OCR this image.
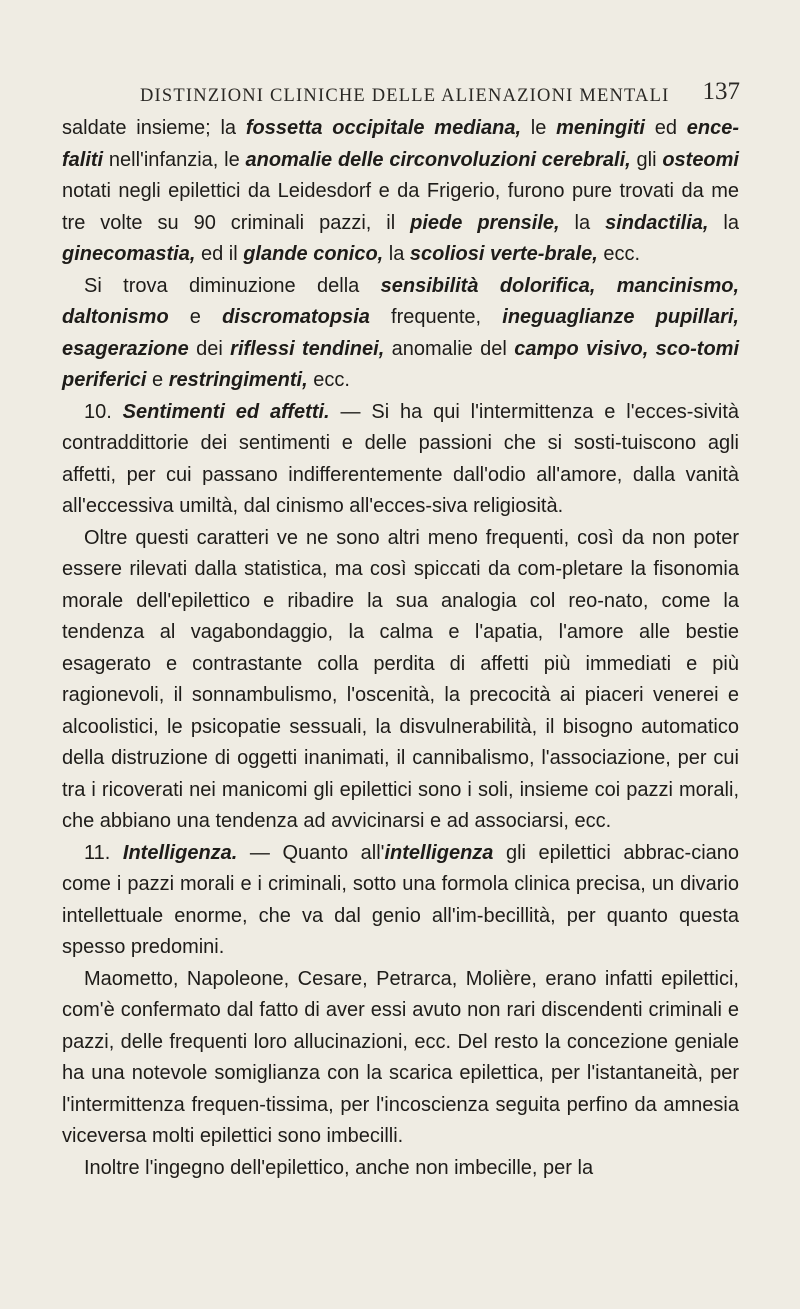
DISTINZIONI CLINICHE DELLE ALIENAZIONI MENTALI 137

saldate insieme; la fossetta occipitale mediana, le meningiti ed ence-faliti nell'infanzia, le anomalie delle circonvoluzioni cerebrali, gli osteomi notati negli epilettici da Leidesdorf e da Frigerio, furono pure trovati da me tre volte su 90 criminali pazzi, il piede prensile, la sindactilia, la ginecomastia, ed il glande conico, la scoliosi verte-brale, ecc.

Si trova diminuzione della sensibilità dolorifica, mancinismo, daltonismo e discromatopsia frequente, ineguaglianze pupillari, esagerazione dei riflessi tendinei, anomalie del campo visivo, sco-tomi periferici e restringimenti, ecc.

10. Sentimenti ed affetti. — Si ha qui l'intermittenza e l'ecces-sività contraddittorie dei sentimenti e delle passioni che si sosti-tuiscono agli affetti, per cui passano indifferentemente dall'odio all'amore, dalla vanità all'eccessiva umiltà, dal cinismo all'ecces-siva religiosità.

Oltre questi caratteri ve ne sono altri meno frequenti, così da non poter essere rilevati dalla statistica, ma così spiccati da com-pletare la fisonomia morale dell'epilettico e ribadire la sua analogia col reo-nato, come la tendenza al vagabondaggio, la calma e l'apatia, l'amore alle bestie esagerato e contrastante colla perdita di affetti più immediati e più ragionevoli, il sonnambulismo, l'oscenità, la precocità ai piaceri venerei e alcoolistici, le psicopatie sessuali, la disvulnerabilità, il bisogno automatico della distruzione di oggetti inanimati, il cannibalismo, l'associazione, per cui tra i ricoverati nei manicomi gli epilettici sono i soli, insieme coi pazzi morali, che abbiano una tendenza ad avvicinarsi e ad associarsi, ecc.

11. Intelligenza. — Quanto all'intelligenza gli epilettici abbrac-ciano come i pazzi morali e i criminali, sotto una formola clinica precisa, un divario intellettuale enorme, che va dal genio all'im-becillità, per quanto questa spesso predomini.

Maometto, Napoleone, Cesare, Petrarca, Molière, erano infatti epilettici, com'è confermato dal fatto di aver essi avuto non rari discendenti criminali e pazzi, delle frequenti loro allucinazioni, ecc. Del resto la concezione geniale ha una notevole somiglianza con la scarica epilettica, per l'istantaneità, per l'intermittenza frequen-tissima, per l'incoscienza seguita perfino da amnesia viceversa molti epilettici sono imbecilli.

Inoltre l'ingegno dell'epilettico, anche non imbecille, per la
